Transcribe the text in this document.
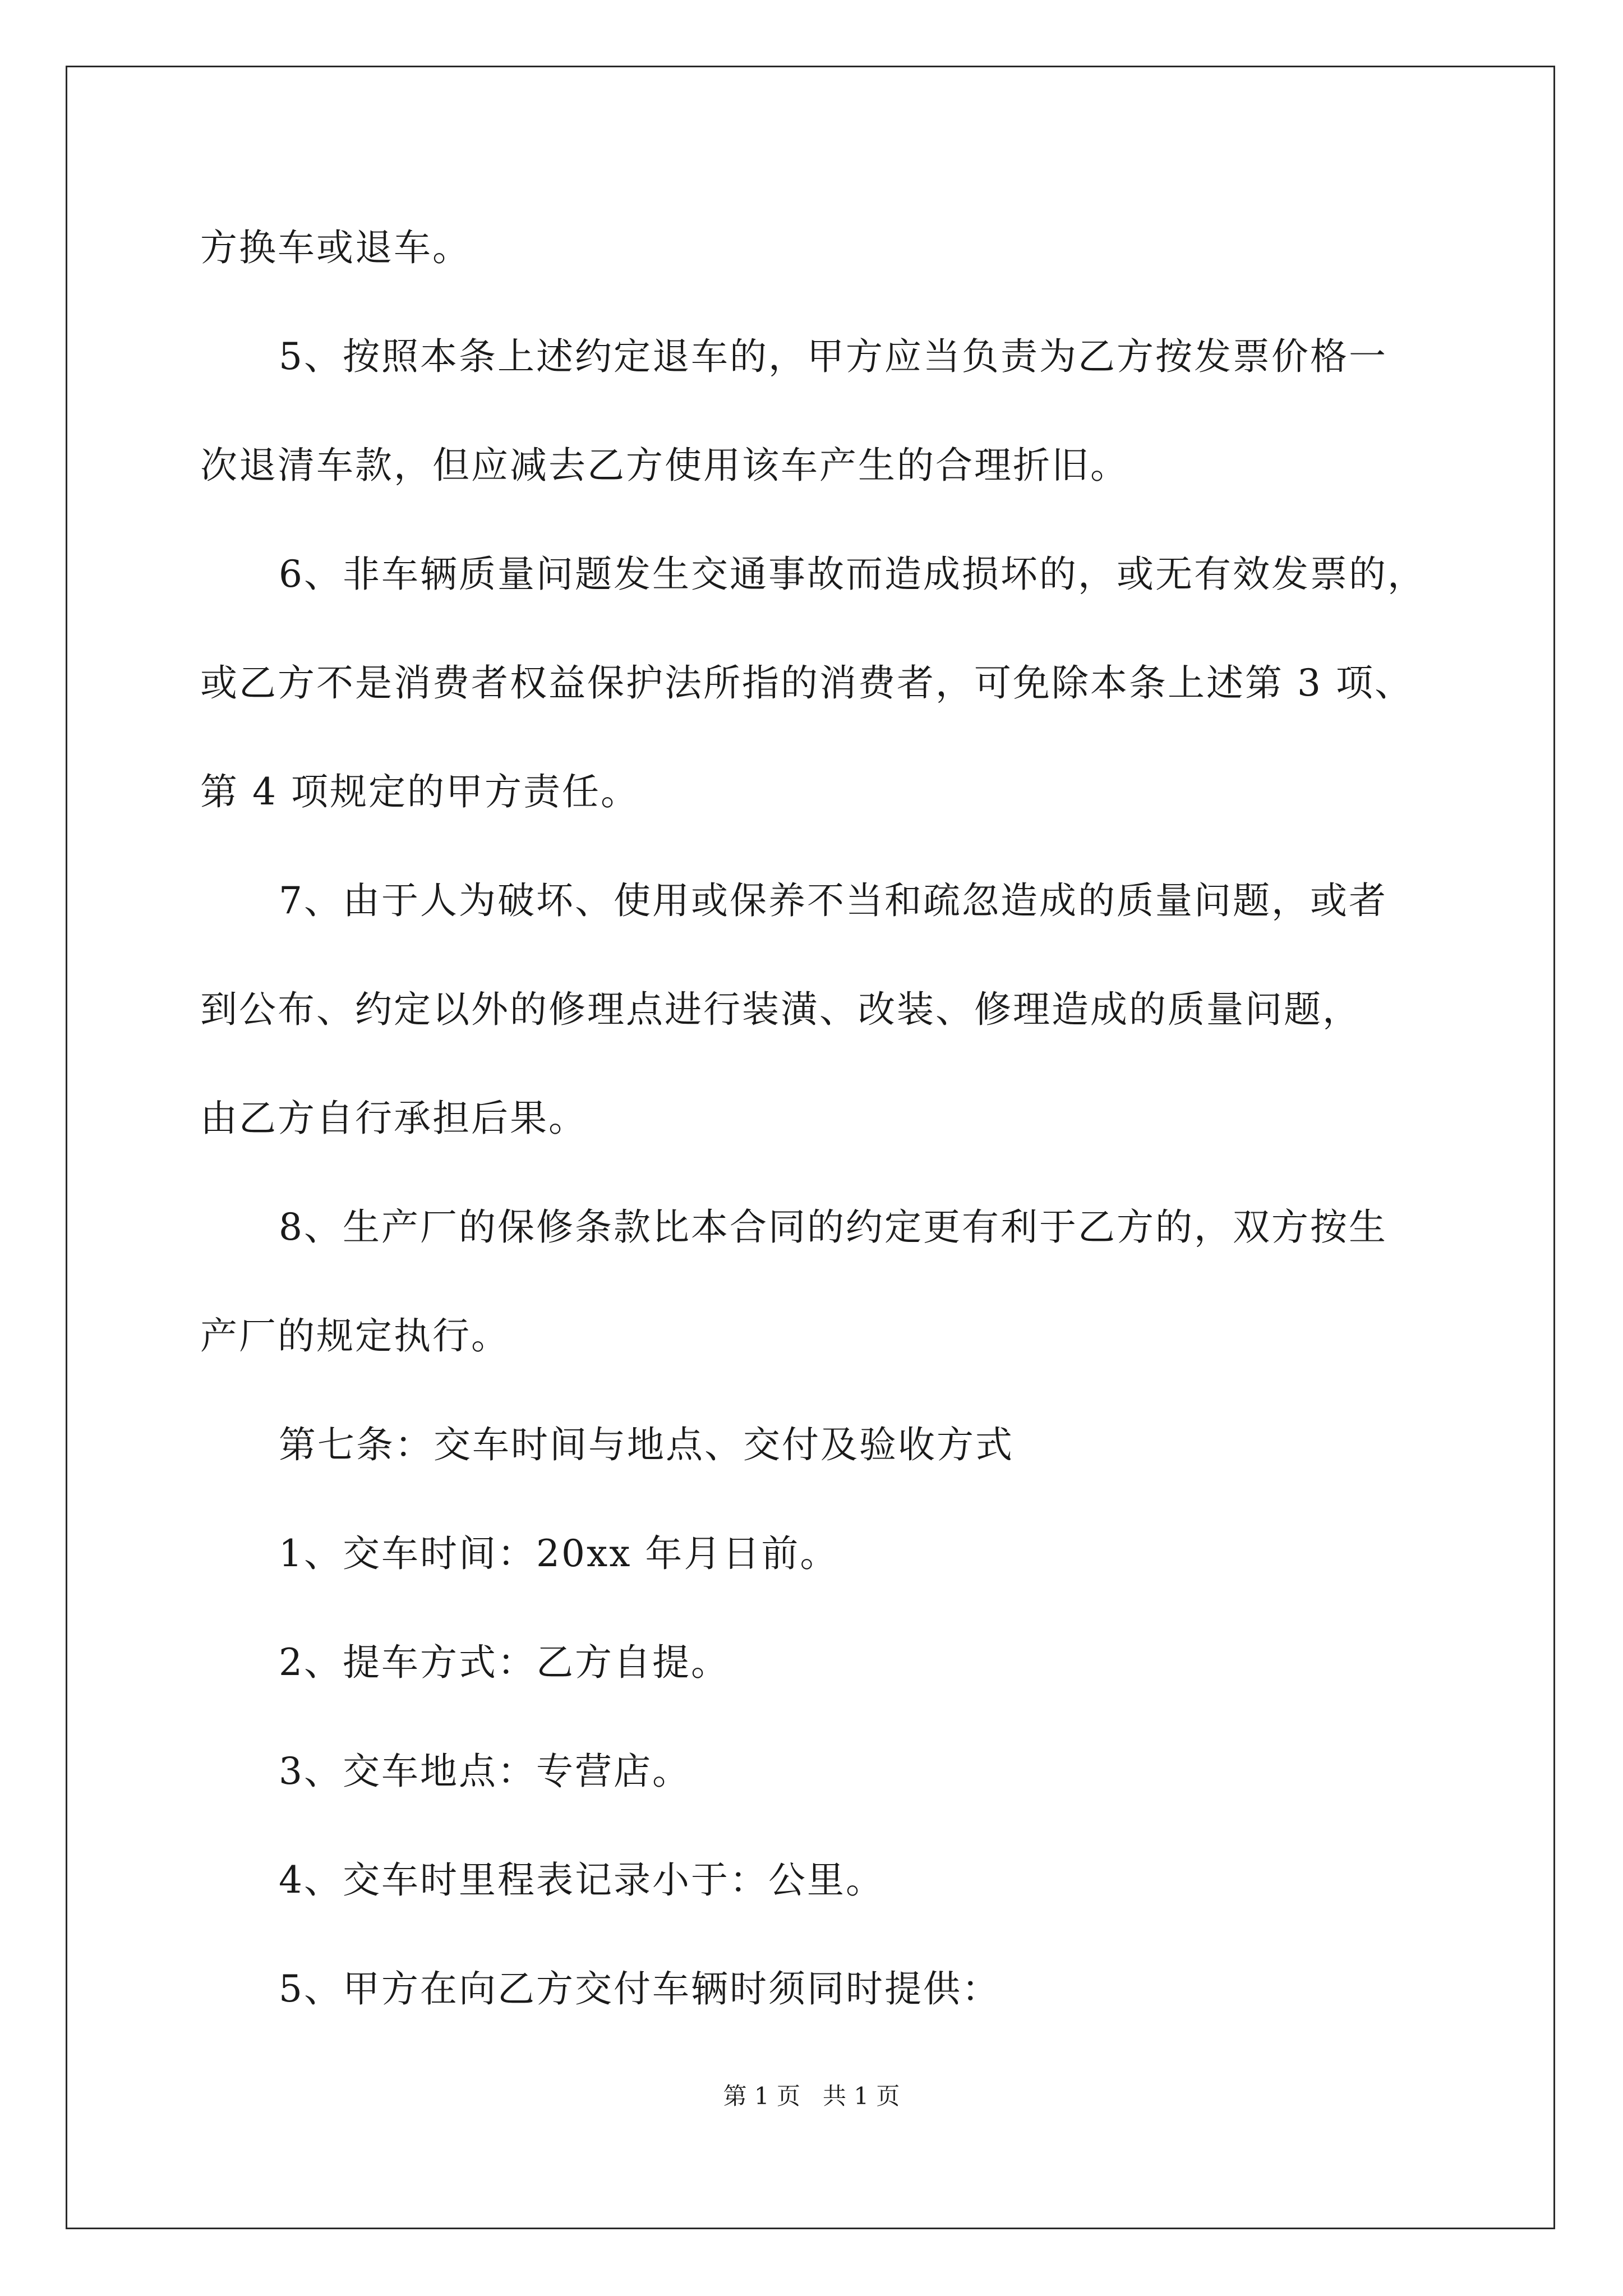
方换车或退车。
5、按照本条上述约定退车的，甲方应当负责为乙方按发票价格一
次退清车款，但应减去乙方使用该车产生的合理折旧。
6、非车辆质量问题发生交通事故而造成损坏的，或无有效发票的，
或乙方不是消费者权益保护法所指的消费者，可免除本条上述第 3 项、
第 4 项规定的甲方责任。
7、由于人为破坏、使用或保养不当和疏忽造成的质量问题，或者
到公布、约定以外的修理点进行装潢、改装、修理造成的质量问题，
由乙方自行承担后果。
8、生产厂的保修条款比本合同的约定更有利于乙方的，双方按生
产厂的规定执行。
第七条：交车时间与地点、交付及验收方式
1、交车时间：20xx 年月日前。
2、提车方式：乙方自提。
3、交车地点：专营店。
4、交车时里程表记录小于：公里。
5、甲方在向乙方交付车辆时须同时提供：
第 1 页 共 1 页
